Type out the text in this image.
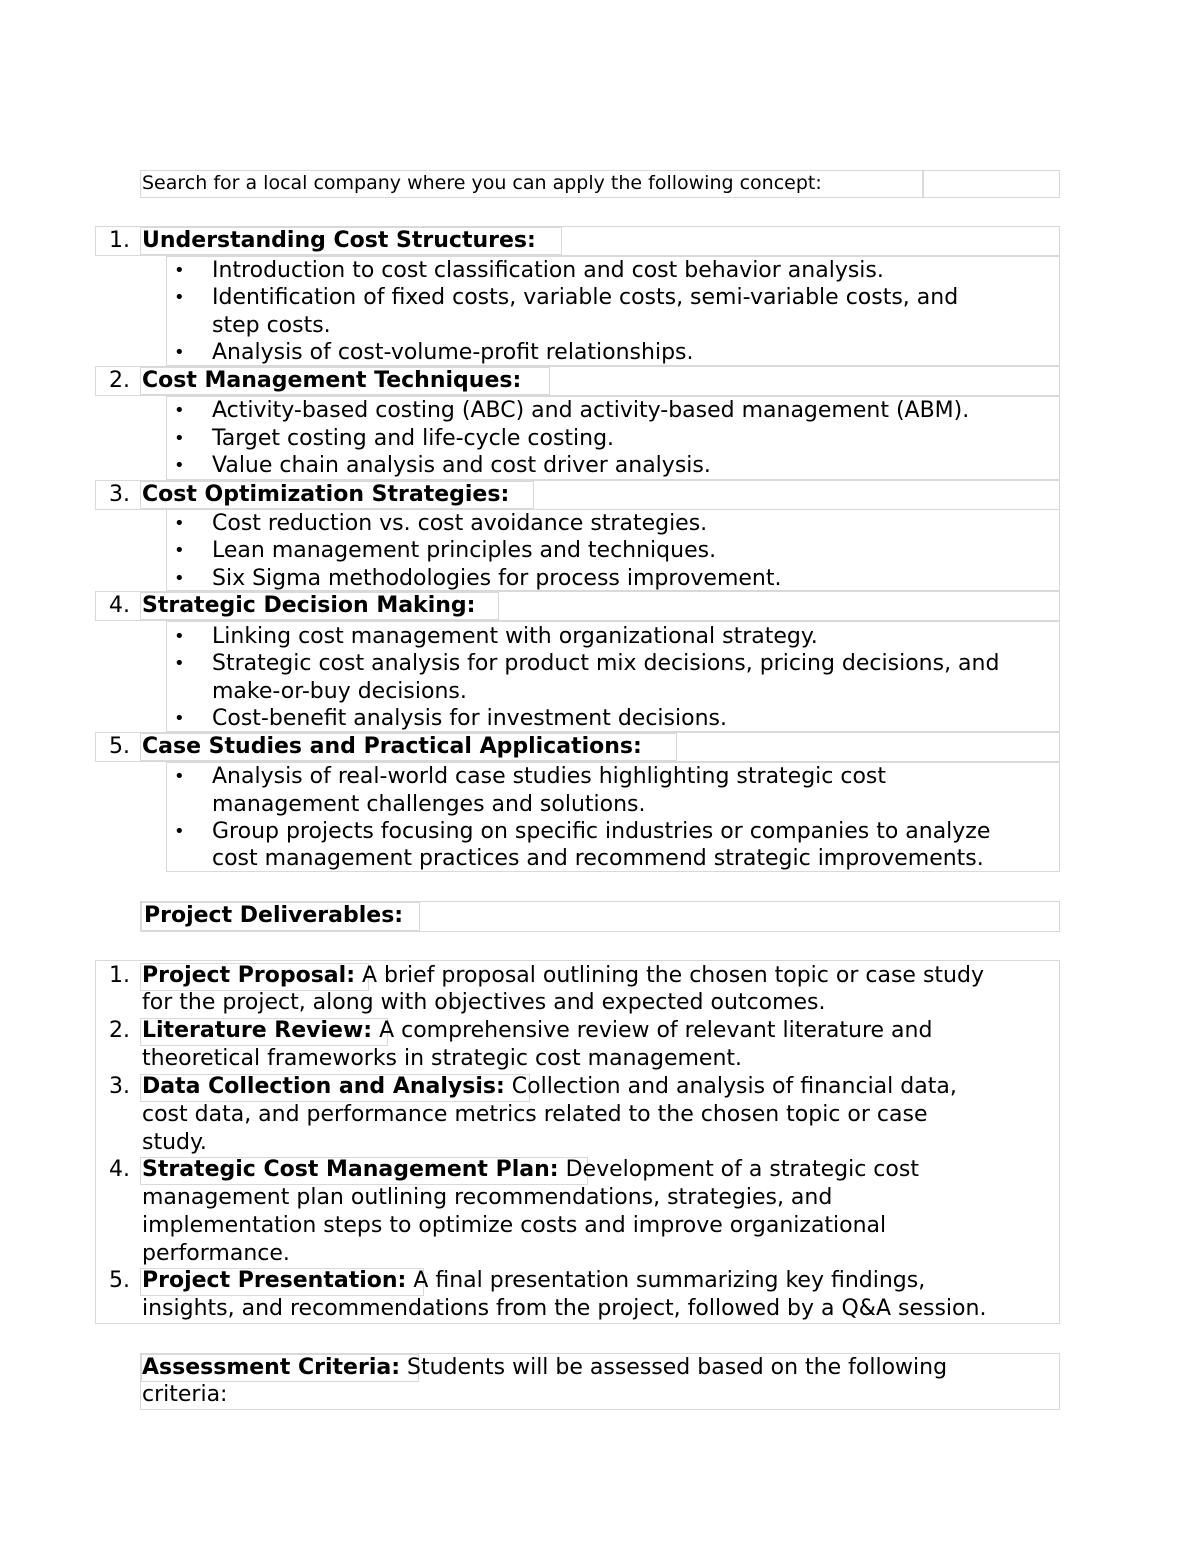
Search for a local company where you can apply the following concept:
1. Understanding Cost Structures:
• Introduction to cost classification and cost behavior analysis.
• Identification of fixed costs, variable costs, semi-variable costs, and
step costs.
• Analysis of cost-volume-profit relationships.
2. Cost Management Techniques:
• Activity-based costing (ABC) and activity-based management (ABM).
• Target costing and life-cycle costing.
• Value chain analysis and cost driver analysis.
3. Cost Optimization Strategies:
• Cost reduction vs. cost avoidance strategies.
• Lean management principles and techniques.
• Six Sigma methodologies for process improvement.
4. Strategic Decision Making:
• Linking cost management with organizational strategy.
• Strategic cost analysis for product mix decisions, pricing decisions, and
make-or-buy decisions.
• Cost-benefit analysis for investment decisions.
5. Case Studies and Practical Applications:
• Analysis of real-world case studies highlighting strategic cost
management challenges and solutions.
• Group projects focusing on specific industries or companies to analyze
cost management practices and recommend strategic improvements.
Project Deliverables:
1. Project Proposal: A brief proposal outlining the chosen topic or case study
for the project, along with objectives and expected outcomes.
2. Literature Review: A comprehensive review of relevant literature and
theoretical frameworks in strategic cost management.
3. Data Collection and Analysis: Collection and analysis of financial data,
cost data, and performance metrics related to the chosen topic or case
study.
4. Strategic Cost Management Plan: Development of a strategic cost
management plan outlining recommendations, strategies, and
implementation steps to optimize costs and improve organizational
performance.
5. Project Presentation: A final presentation summarizing key findings,
insights, and recommendations from the project, followed by a Q&A session.
Assessment Criteria: Students will be assessed based on the following
criteria:
